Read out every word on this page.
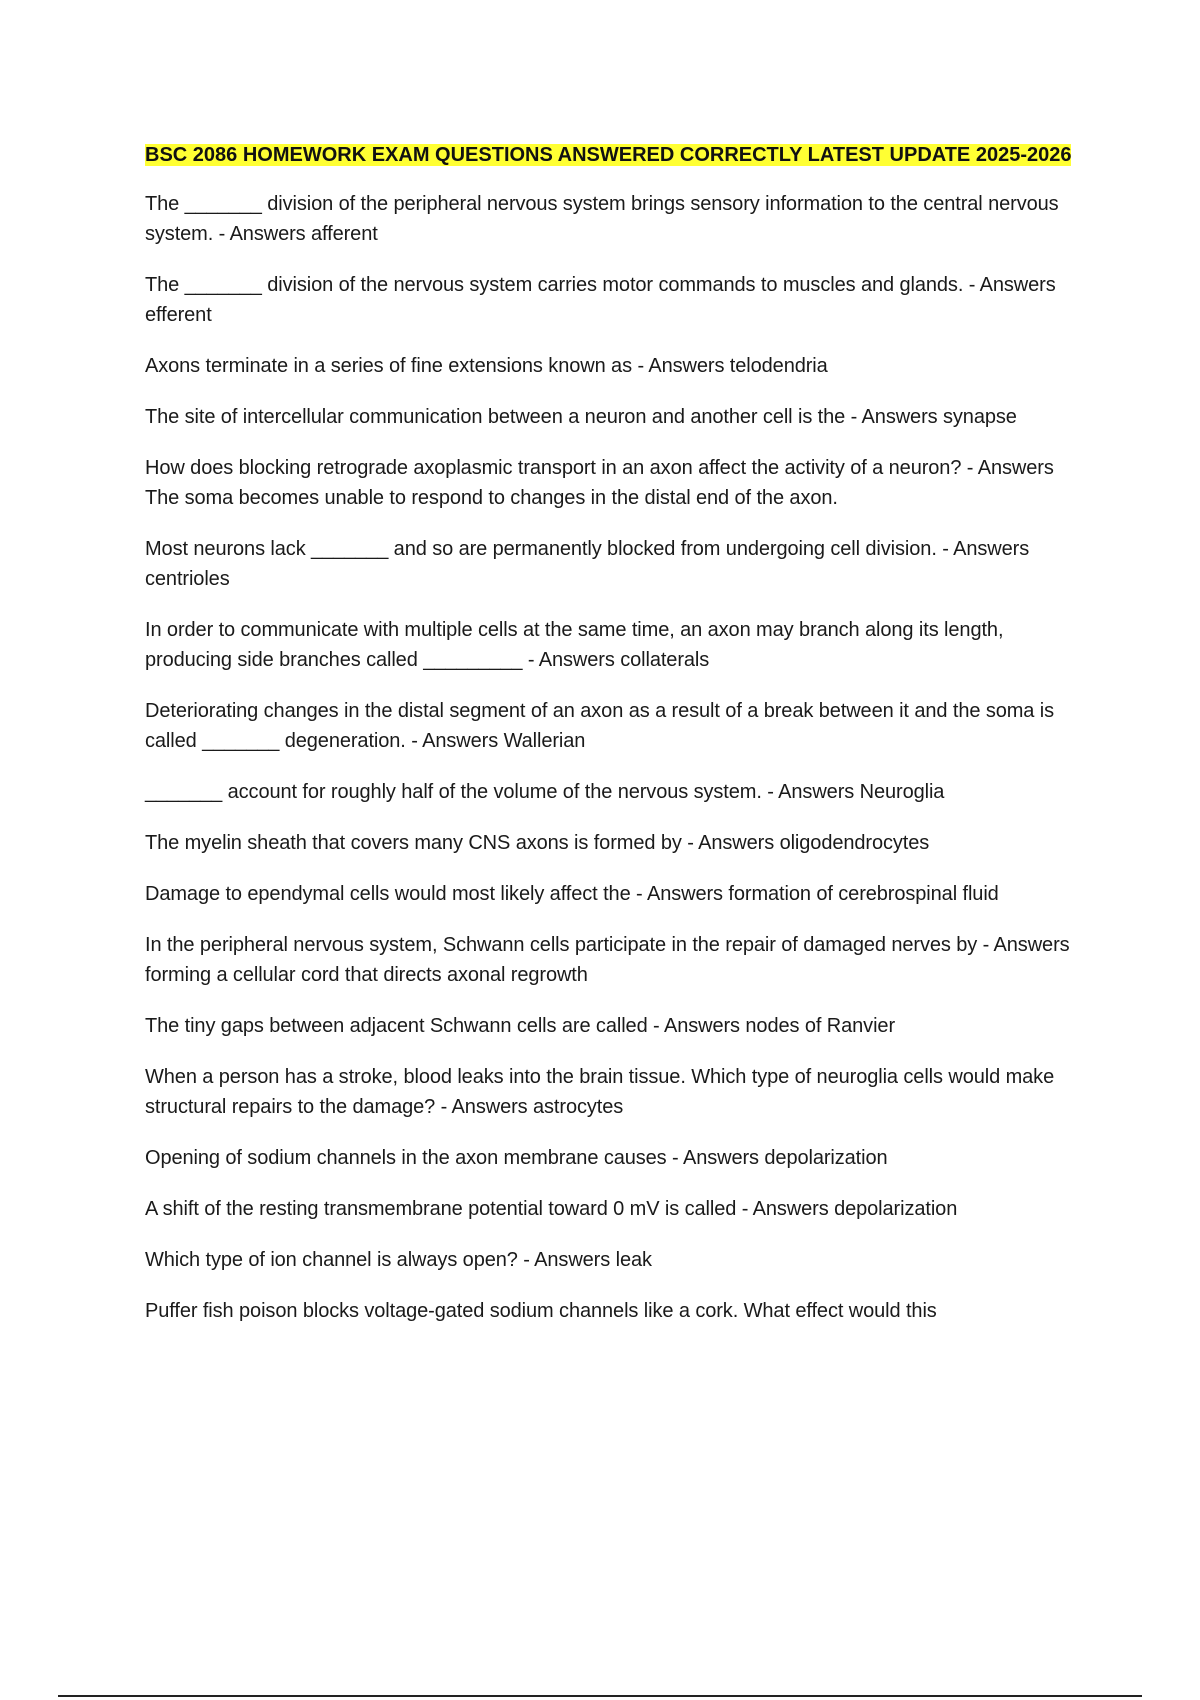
BSC 2086 HOMEWORK EXAM QUESTIONS ANSWERED CORRECTLY LATEST UPDATE 2025-2026

The _______ division of the peripheral nervous system brings sensory information to the central nervous system. - Answers afferent

The _______ division of the nervous system carries motor commands to muscles and glands. - Answers efferent

Axons terminate in a series of fine extensions known as - Answers telodendria

The site of intercellular communication between a neuron and another cell is the - Answers synapse

How does blocking retrograde axoplasmic transport in an axon affect the activity of a neuron? - Answers The soma becomes unable to respond to changes in the distal end of the axon.

Most neurons lack _______ and so are permanently blocked from undergoing cell division. - Answers centrioles

In order to communicate with multiple cells at the same time, an axon may branch along its length, producing side branches called _________ - Answers collaterals

Deteriorating changes in the distal segment of an axon as a result of a break between it and the soma is called _______ degeneration. - Answers Wallerian

_______ account for roughly half of the volume of the nervous system. - Answers Neuroglia

The myelin sheath that covers many CNS axons is formed by - Answers oligodendrocytes

Damage to ependymal cells would most likely affect the - Answers formation of cerebrospinal fluid

In the peripheral nervous system, Schwann cells participate in the repair of damaged nerves by - Answers forming a cellular cord that directs axonal regrowth

The tiny gaps between adjacent Schwann cells are called - Answers nodes of Ranvier

When a person has a stroke, blood leaks into the brain tissue. Which type of neuroglia cells would make structural repairs to the damage? - Answers astrocytes

Opening of sodium channels in the axon membrane causes - Answers depolarization

A shift of the resting transmembrane potential toward 0 mV is called - Answers depolarization

Which type of ion channel is always open? - Answers leak

Puffer fish poison blocks voltage-gated sodium channels like a cork. What effect would this
